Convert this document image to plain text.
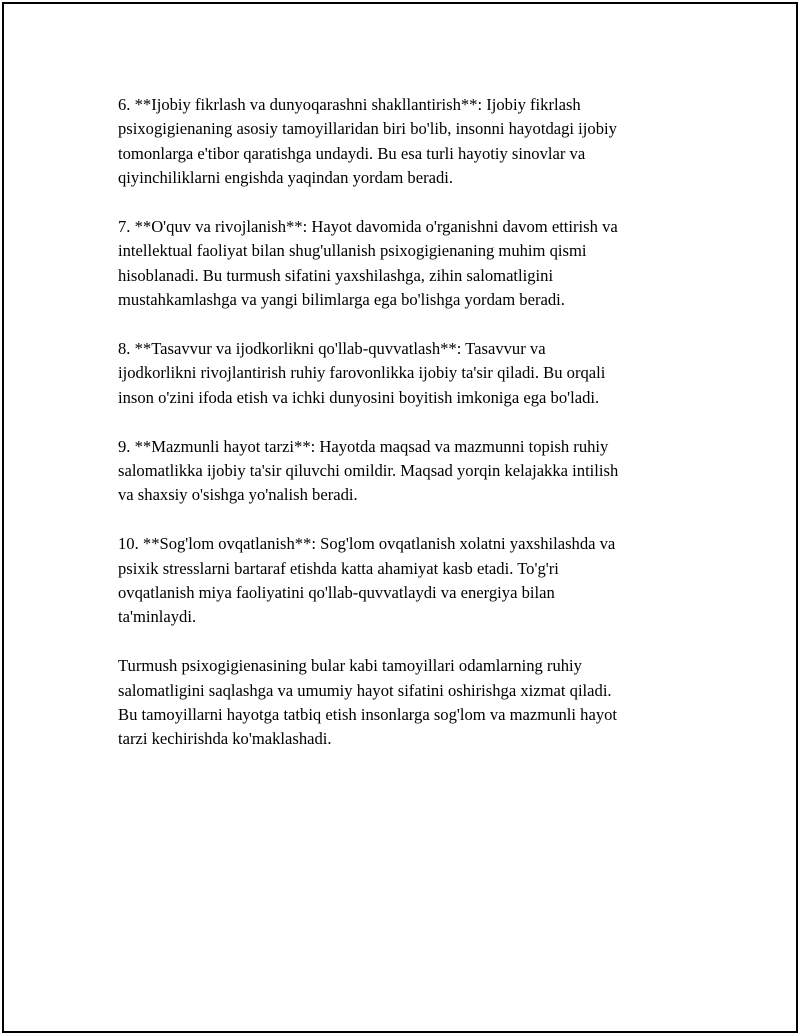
6. **Ijobiy fikrlash va dunyoqarashni shakllantirish**: Ijobiy fikrlash
psixogigienaning asosiy tamoyillaridan biri bo'lib, insonni hayotdagi ijobiy
tomonlarga e'tibor qaratishga undaydi. Bu esa turli hayotiy sinovlar va
qiyinchiliklarni engishda yaqindan yordam beradi.

7. **O'quv va rivojlanish**: Hayot davomida o'rganishni davom ettirish va
intellektual faoliyat bilan shug'ullanish psixogigienaning muhim qismi
hisoblanadi. Bu turmush sifatini yaxshilashga, zihin salomatligini
mustahkamlashga va yangi bilimlarga ega bo'lishga yordam beradi.

8. **Tasavvur va ijodkorlikni qo'llab-quvvatlash**: Tasavvur va
ijodkorlikni rivojlantirish ruhiy farovonlikka ijobiy ta'sir qiladi. Bu orqali
inson o'zini ifoda etish va ichki dunyosini boyitish imkoniga ega bo'ladi.

9. **Mazmunli hayot tarzi**: Hayotda maqsad va mazmunni topish ruhiy
salomatlikka ijobiy ta'sir qiluvchi omildir. Maqsad yorqin kelajakka intilish
va shaxsiy o'sishga yo'nalish beradi.

10. **Sog'lom ovqatlanish**: Sog'lom ovqatlanish xolatni yaxshilashda va
psixik stresslarni bartaraf etishda katta ahamiyat kasb etadi. To'g'ri
ovqatlanish miya faoliyatini qo'llab-quvvatlaydi va energiya bilan
ta'minlaydi.

Turmush psixogigienasining bular kabi tamoyillari odamlarning ruhiy
salomatligini saqlashga va umumiy hayot sifatini oshirishga xizmat qiladi.
Bu tamoyillarni hayotga tatbiq etish insonlarga sog'lom va mazmunli hayot
tarzi kechirishda ko'maklashadi.
